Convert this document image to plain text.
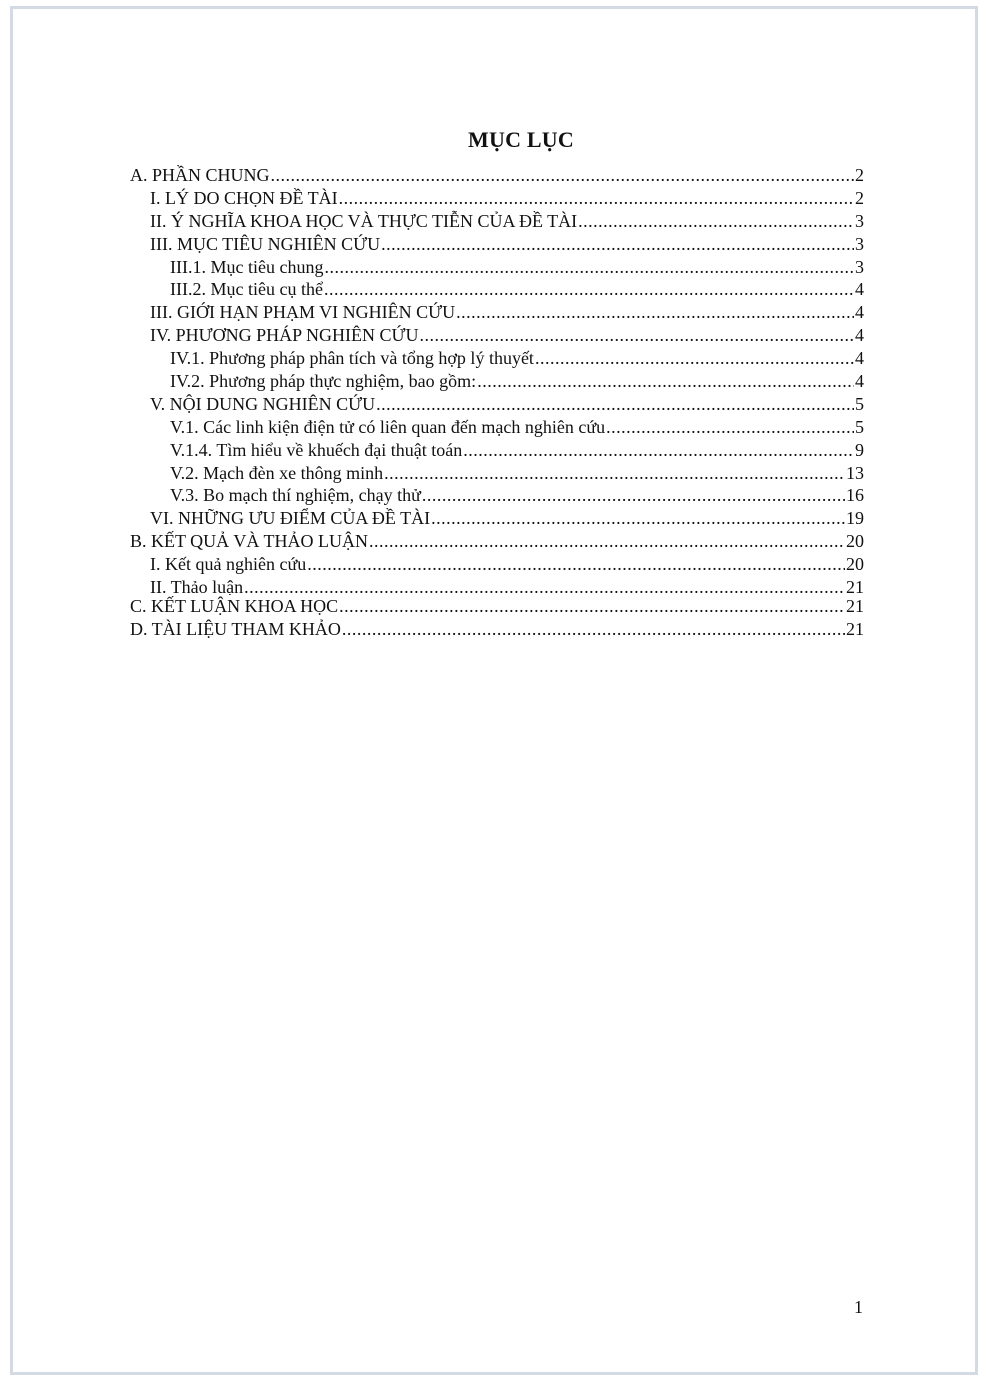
MỤC LỤC
A. PHẦN CHUNG .....	2
I. LÝ DO CHỌN ĐỀ TÀI .....	2
II. Ý NGHĨA KHOA HỌC VÀ THỰC TIỄN CỦA ĐỀ TÀI .....	3
III. MỤC TIÊU NGHIÊN CỨU .....	3
III.1. Mục tiêu chung .....	3
III.2. Mục tiêu cụ thể .....	4
III. GIỚI HẠN PHẠM VI NGHIÊN CỨU .....	4
IV. PHƯƠNG PHÁP NGHIÊN CỨU .....	4
IV.1. Phương pháp phân tích và tổng hợp lý thuyết .....	4
IV.2. Phương pháp thực nghiệm, bao gồm: .....	4
V. NỘI DUNG NGHIÊN CỨU .....	5
V.1. Các linh kiện điện tử có liên quan đến mạch nghiên cứu .....	5
V.1.4. Tìm hiểu về khuếch đại thuật toán .....	9
V.2. Mạch đèn xe thông minh .....	13
V.3. Bo mạch thí nghiệm, chạy thử .....	16
VI. NHỮNG ƯU ĐIỂM CỦA ĐỀ TÀI .....	19
B. KẾT QUẢ VÀ THẢO LUẬN .....	20
I. Kết quả nghiên cứu .....	20
II. Thảo luận .....	21
C. KẾT LUẬN KHOA HỌC .....	21
D. TÀI LIỆU THAM KHẢO .....	21
1
